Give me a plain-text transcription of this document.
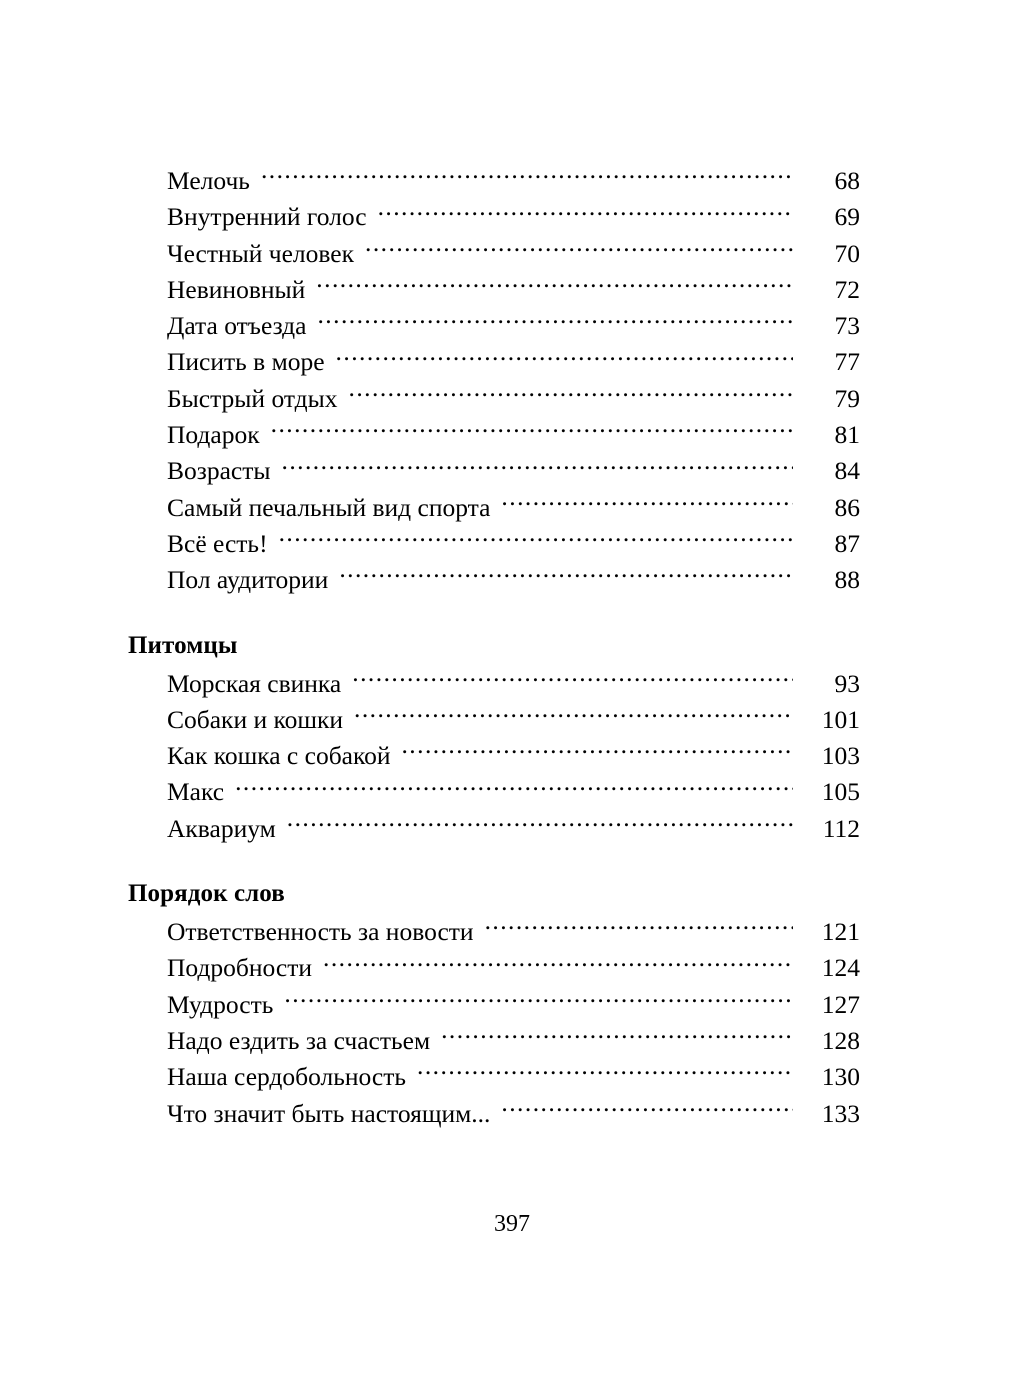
Мелочь .....	68
Внутренний голос .....	69
Честный человек .....	70
Невиновный .....	72
Дата отъезда .....	73
Писить в море .....	77
Быстрый отдых .....	79
Подарок .....	81
Возрасты .....	84
Самый печальный вид спорта .....	86
Всё есть! .....	87
Пол аудитории .....	88
Питомцы
Морская свинка .....	93
Собаки и кошки .....	101
Как кошка с собакой .....	103
Макс .....	105
Аквариум .....	112
Порядок слов
Ответственность за новости .....	121
Подробности .....	124
Мудрость .....	127
Надо ездить за счастьем .....	128
Наша сердобольность .....	130
Что значит быть настоящим... .....	133
397
